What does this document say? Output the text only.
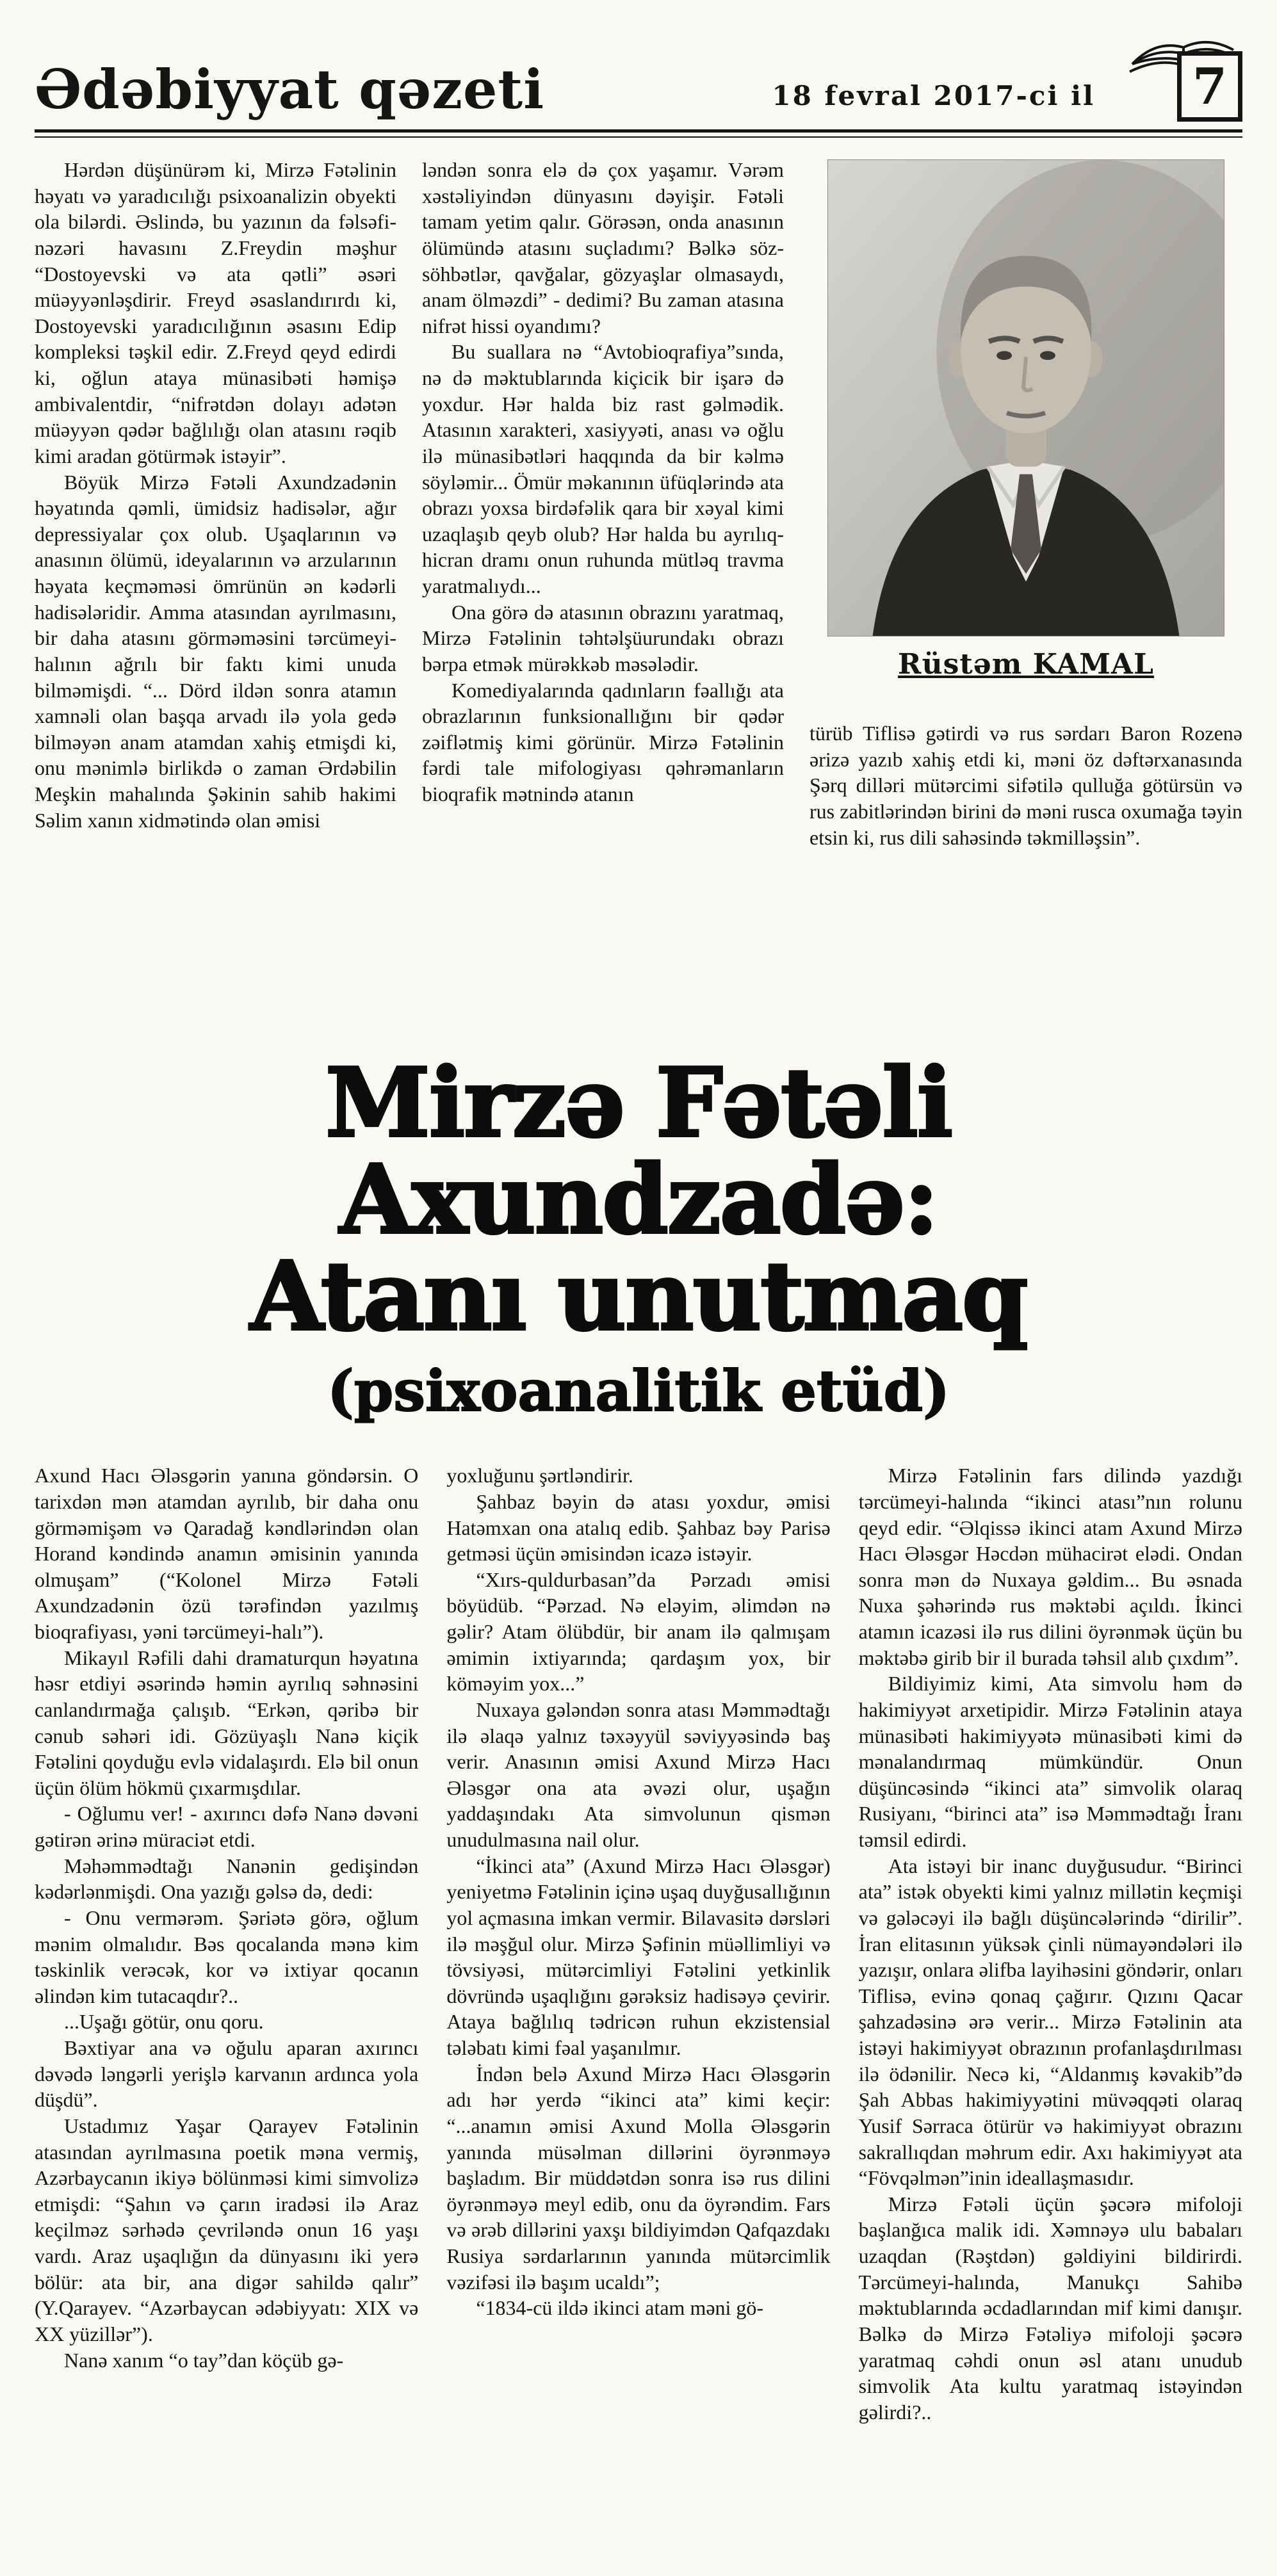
Ədəbiyyat qəzeti	18 fevral 2017-ci il	7

Hərdən düşünürəm ki, Mirzə Fətəlinin həyatı və yaradıcılığı psixoanalizin obyekti ola bilərdi. Əslində, bu yazının da fəlsəfi-nəzəri havasını Z.Freydin məşhur “Dostoyevski və ata qətli” əsəri müəyyənləşdirir. Freyd əsaslandırırdı ki, Dostoyevski yaradıcılığının əsasını Edip kompleksi təşkil edir. Z.Freyd qeyd edirdi ki, oğlun ataya münasibəti həmişə ambivalentdir, “nifrətdən dolayı adətən müəyyən qədər bağlılığı olan atasını rəqib kimi aradan götürmək istəyir”.

Böyük Mirzə Fətəli Axundzadənin həyatında qəmli, ümidsiz hadisələr, ağır depressiyalar çox olub. Uşaqlarının və anasının ölümü, ideyalarının və arzularının həyata keçməməsi ömrünün ən kədərli hadisələridir. Amma atasından ayrılmasını, bir daha atasını görməməsini tərcümeyi-halının ağrılı bir faktı kimi unuda bilməmişdi. “... Dörd ildən sonra atamın xamnəli olan başqa arvadı ilə yola gedə bilməyən anam atamdan xahiş etmişdi ki, onu mənimlə birlikdə o zaman Ərdəbilin Meşkin mahalında Şəkinin sahib hakimi Səlim xanın xidmətində olan əmisi

ləndən sonra elə də çox yaşamır. Vərəm xəstəliyindən dünyasını dəyişir. Fətəli tamam yetim qalır. Görəsən, onda anasının ölümündə atasını suçladımı? Bəlkə söz-söhbətlər, qavğalar, gözyaşlar olmasaydı, anam ölməzdi” - dedimi? Bu zaman atasına nifrət hissi oyandımı?

Bu suallara nə “Avtobioqrafiya”sında, nə də məktublarında kiçicik bir işarə də yoxdur. Hər halda biz rast gəlmədik. Atasının xarakteri, xasiyyəti, anası və oğlu ilə münasibətləri haqqında da bir kəlmə söyləmir... Ömür məkanının üfüqlərində ata obrazı yoxsa birdəfəlik qara bir xəyal kimi uzaqlaşıb qeyb olub? Hər halda bu ayrılıq-hicran dramı onun ruhunda mütləq travma yaratmalıydı...

Ona görə də atasının obrazını yaratmaq, Mirzə Fətəlinin təhtəlşüurundakı obrazı bərpa etmək mürəkkəb məsələdir.

Komediyalarında qadınların fəallığı ata obrazlarının funksionallığını bir qədər zəiflətmiş kimi görünür. Mirzə Fətəlinin fərdi tale mifologiyası qəhrəmanların bioqrafik mətnində atanın

Rüstəm KAMAL

türüb Tiflisə gətirdi və rus sərdarı Baron Rozenə ərizə yazıb xahiş etdi ki, məni öz dəftərxanasında Şərq dilləri mütərcimi sifətilə qulluğa götürsün və rus zabitlərindən birini də məni rusca oxumağa təyin etsin ki, rus dili sahəsində təkmilləşsin”.

Mirzə Fətəli Axundzadə:
Atanı unutmaq
(psixoanalitik etüd)

Axund Hacı Ələsgərin yanına göndərsin. O tarixdən mən atamdan ayrılıb, bir daha onu görməmişəm və Qaradağ kəndlərindən olan Horand kəndində anamın əmisinin yanında olmuşam” (“Kolonel Mirzə Fətəli Axundzadənin özü tərəfindən yazılmış bioqrafiyası, yəni tərcümeyi-halı”).

Mikayıl Rəfili dahi dramaturqun həyatına həsr etdiyi əsərində həmin ayrılıq səhnəsini canlandırmağa çalışıb. “Erkən, qəribə bir cənub səhəri idi. Gözüyaşlı Nanə kiçik Fətəlini qoyduğu evlə vidalaşırdı. Elə bil onun üçün ölüm hökmü çıxarmışdılar.

- Oğlumu ver! - axırıncı dəfə Nanə dəvəni gətirən ərinə müraciət etdi.

Məhəmmədtağı Nanənin gedişindən kədərlənmişdi. Ona yazığı gəlsə də, dedi:

- Onu vermərəm. Şəriətə görə, oğlum mənim olmalıdır. Bəs qocalanda mənə kim təskinlik verəcək, kor və ixtiyar qocanın əlindən kim tutacaqdır?..

...Uşağı götür, onu qoru.

Bəxtiyar ana və oğulu aparan axırıncı dəvədə ləngərli yerişlə karvanın ardınca yola düşdü”.

Ustadımız Yaşar Qarayev Fətəlinin atasından ayrılmasına poetik məna vermiş, Azərbaycanın ikiyə bölünməsi kimi simvolizə etmişdi: “Şahın və çarın iradəsi ilə Araz keçilməz sərhədə çevriləndə onun 16 yaşı vardı. Araz uşaqlığın da dünyasını iki yerə bölür: ata bir, ana digər sahildə qalır” (Y.Qarayev. “Azərbaycan ədəbiyyatı: XIX və XX yüzillər”).

Nanə xanım “o tay”dan köçüb gə-

yoxluğunu şərtləndirir.

Şahbaz bəyin də atası yoxdur, əmisi Hatəmxan ona atalıq edib. Şahbaz bəy Parisə getməsi üçün əmisindən icazə istəyir.

“Xırs-quldurbasan”da Pərzadı əmisi böyüdüb. “Pərzad. Nə eləyim, əlimdən nə gəlir? Atam ölübdür, bir anam ilə qalmışam əmimin ixtiyarında; qardaşım yox, bir köməyim yox...”

Nuxaya gələndən sonra atası Məmmədtağı ilə əlaqə yalnız təxəyyül səviyyəsində baş verir. Anasının əmisi Axund Mirzə Hacı Ələsgər ona ata əvəzi olur, uşağın yaddaşındakı Ata simvolunun qismən unudulmasına nail olur.

“İkinci ata” (Axund Mirzə Hacı Ələsgər) yeniyetmə Fətəlinin içinə uşaq duyğusallığının yol açmasına imkan vermir. Bilavasitə dərsləri ilə məşğul olur. Mirzə Şəfinin müəllimliyi və tövsiyəsi, mütərcimliyi Fətəlini yetkinlik dövründə uşaqlığını gərəksiz hadisəyə çevirir. Ataya bağlılıq tədricən ruhun ekzistensial tələbatı kimi fəal yaşanılmır.

İndən belə Axund Mirzə Hacı Ələsgərin adı hər yerdə “ikinci ata” kimi keçir: “...anamın əmisi Axund Molla Ələsgərin yanında müsəlman dillərini öyrənməyə başladım. Bir müddətdən sonra isə rus dilini öyrənməyə meyl edib, onu da öyrəndim. Fars və ərəb dillərini yaxşı bildiyimdən Qafqazdakı Rusiya sərdarlarının yanında mütərcimlik vəzifəsi ilə başım ucaldı”;

“1834-cü ildə ikinci atam məni gö-

Mirzə Fətəlinin fars dilində yazdığı tərcümeyi-halında “ikinci atası”nın rolunu qeyd edir. “Əlqissə ikinci atam Axund Mirzə Hacı Ələsgər Həcdən mühacirət elədi. Ondan sonra mən də Nuxaya gəldim... Bu əsnada Nuxa şəhərində rus məktəbi açıldı. İkinci atamın icazəsi ilə rus dilini öyrənmək üçün bu məktəbə girib bir il burada təhsil alıb çıxdım”.

Bildiyimiz kimi, Ata simvolu həm də hakimiyyət arxetipidir. Mirzə Fətəlinin ataya münasibəti hakimiyyətə münasibəti kimi də mənalandırmaq mümkündür. Onun düşüncəsində “ikinci ata” simvolik olaraq Rusiyanı, “birinci ata” isə Məmmədtağı İranı təmsil edirdi.

Ata istəyi bir inanc duyğusudur. “Birinci ata” istək obyekti kimi yalnız millətin keçmişi və gələcəyi ilə bağlı düşüncələrində “dirilir”. İran elitasının yüksək çinli nümayəndələri ilə yazışır, onlara əlifba layihəsini göndərir, onları Tiflisə, evinə qonaq çağırır. Qızını Qacar şahzadəsinə ərə verir... Mirzə Fətəlinin ata istəyi hakimiyyət obrazının profanlaşdırılması ilə ödənilir. Necə ki, “Aldanmış kəvakib”də Şah Abbas hakimiyyətini müvəqqəti olaraq Yusif Sərraca ötürür və hakimiyyət obrazını sakrallıqdan məhrum edir. Axı hakimiyyət ata “Fövqəlmən”inin ideallaşmasıdır.

Mirzə Fətəli üçün şəcərə mifoloji başlanğıca malik idi. Xəmnəyə ulu babaları uzaqdan (Rəştdən) gəldiyini bildirirdi. Tərcümeyi-halında, Manukçı Sahibə məktublarında əcdadlarından mif kimi danışır. Bəlkə də Mirzə Fətəliyə mifoloji şəcərə yaratmaq cəhdi onun əsl atanı unudub simvolik Ata kultu yaratmaq istəyindən gəlirdi?..
